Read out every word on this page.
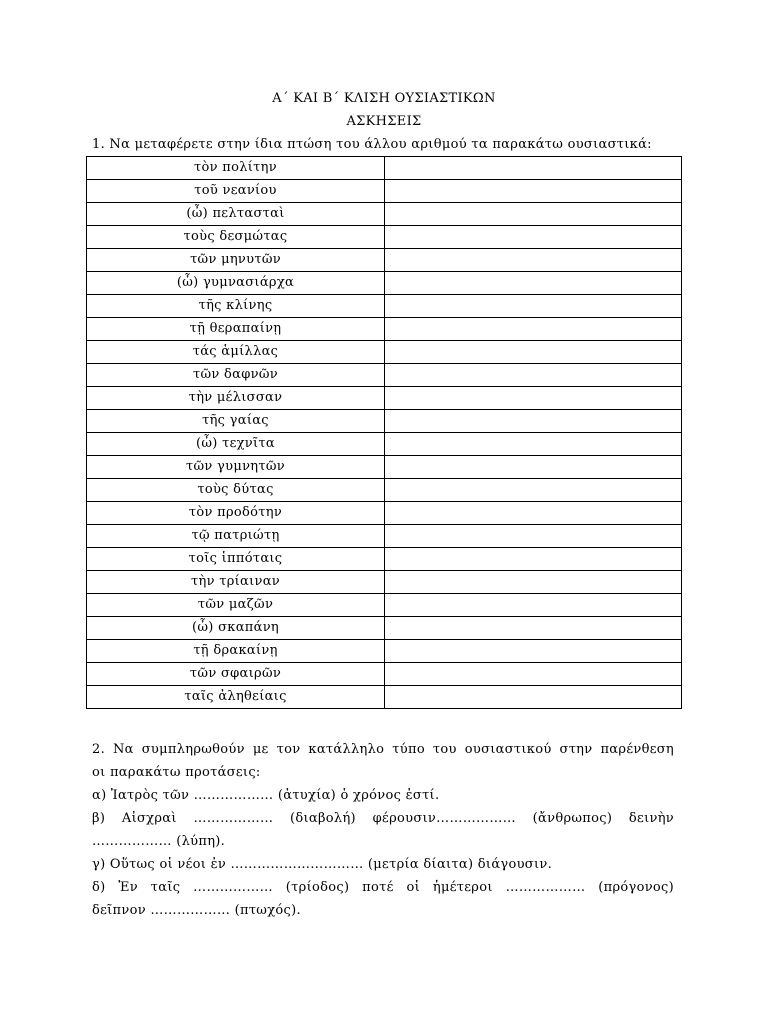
Α΄ ΚΑΙ Β΄ ΚΛΙΣΗ ΟΥΣΙΑΣΤΙΚΩΝ
ΑΣΚΗΣΕΙΣ
1. Να μεταφέρετε στην ίδια πτώση του άλλου αριθμού τα παρακάτω ουσιαστικά:
τὸν πολίτην	
τοῦ νεανίου	
(ὦ) πελτασταὶ	
τοὺς δεσμώτας	
τῶν μηνυτῶν	
(ὦ) γυμνασιάρχα	
τῆς κλίνης	
τῇ θεραπαίνῃ	
τάς ἁμίλλας	
τῶν δαφνῶν	
τὴν μέλισσαν	
τῆς γαίας	
(ὦ) τεχνῖτα	
τῶν γυμνητῶν	
τοὺς δύτας	
τὸν προδότην	
τῷ πατριώτῃ	
τοῖς ἱππόταις	
τὴν τρίαιναν	
τῶν μαζῶν	
(ὦ) σκαπάνη	
τῇ δρακαίνῃ	
τῶν σφαιρῶν	
ταῖς ἀληθείαις	

2. Να συμπληρωθούν με τον κατάλληλο τύπο του ουσιαστικού στην παρένθεση

οι παρακάτω προτάσεις:

α) Ἰατρὸς τῶν ……………… (ἀτυχία) ὁ χρόνος ἐστί.

β) Αἰσχραὶ ……………… (διαβολή) φέρουσιν……………… (ἄνθρωπος) δεινὴν

……………… (λύπη).

γ) Οὕτως οἱ νέοι ἐν ………………………… (μετρία δίαιτα) διάγουσιν.

δ) Ἐν ταῖς ……………… (τρίοδος) ποτέ οἱ ἡμέτεροι ……………… (πρόγονος)

δεῖπνον ……………… (πτωχός).
